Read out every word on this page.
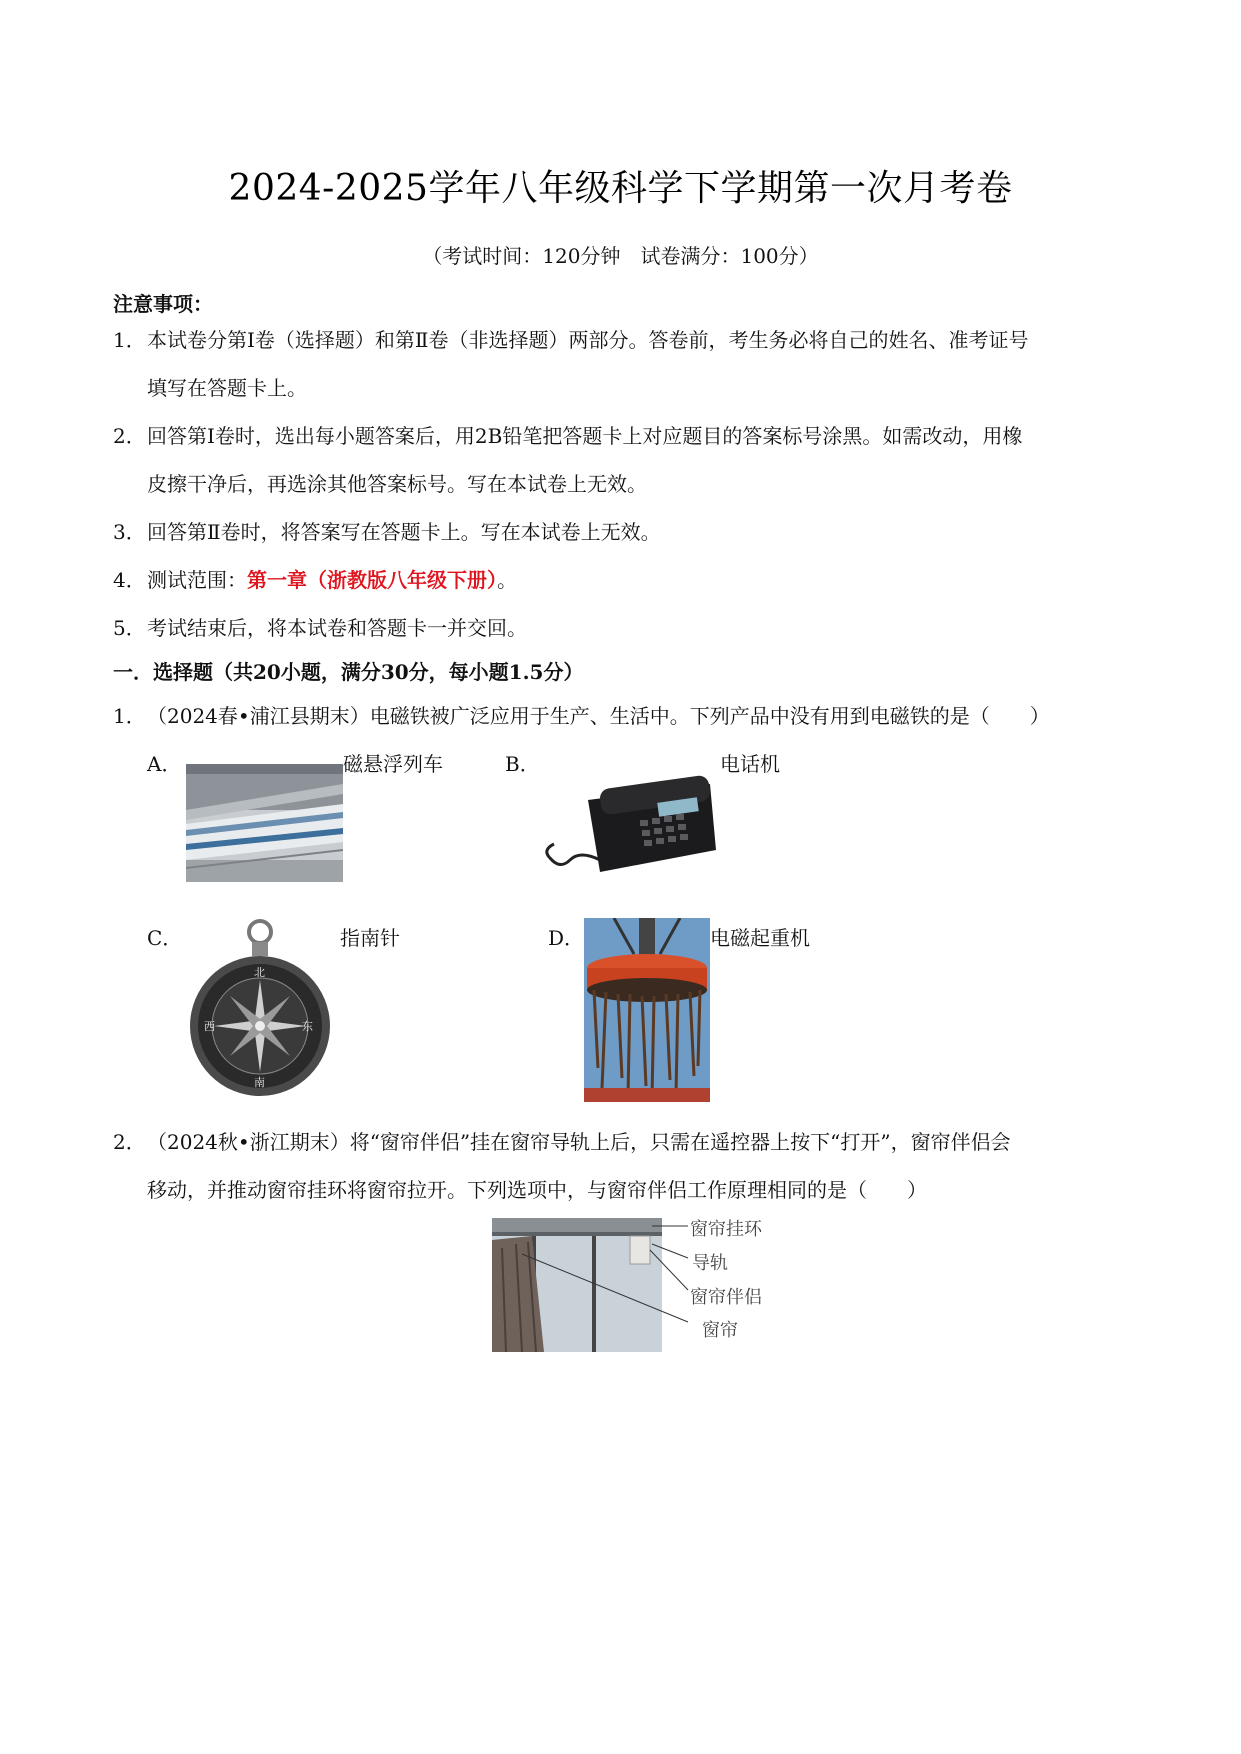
2024-2025学年八年级科学下学期第一次月考卷
（考试时间：120分钟　试卷满分：100分）
注意事项：
1．本试卷分第Ⅰ卷（选择题）和第Ⅱ卷（非选择题）两部分。答卷前，考生务必将自己的姓名、准考证号
填写在答题卡上。
2．回答第Ⅰ卷时，选出每小题答案后，用2B铅笔把答题卡上对应题目的答案标号涂黑。如需改动，用橡
皮擦干净后，再选涂其他答案标号。写在本试卷上无效。
3．回答第Ⅱ卷时，将答案写在答题卡上。写在本试卷上无效。
4．测试范围：第一章（浙教版八年级下册）。
5．考试结束后，将本试卷和答题卡一并交回。
一．选择题（共20小题，满分30分，每小题1.5分）
1．（2024春•浦江县期末）电磁铁被广泛应用于生产、生活中。下列产品中没有用到电磁铁的是（　　）
A．	磁悬浮列车	B．	电话机
C．
北
东
南
西
指南针	D．	电磁起重机
2．（2024秋•浙江期末）将“窗帘伴侣”挂在窗帘导轨上后，只需在遥控器上按下“打开”，窗帘伴侣会
移动，并推动窗帘挂环将窗帘拉开。下列选项中，与窗帘伴侣工作原理相同的是（　　）
窗帘挂环
导轨
窗帘伴侣
窗帘
